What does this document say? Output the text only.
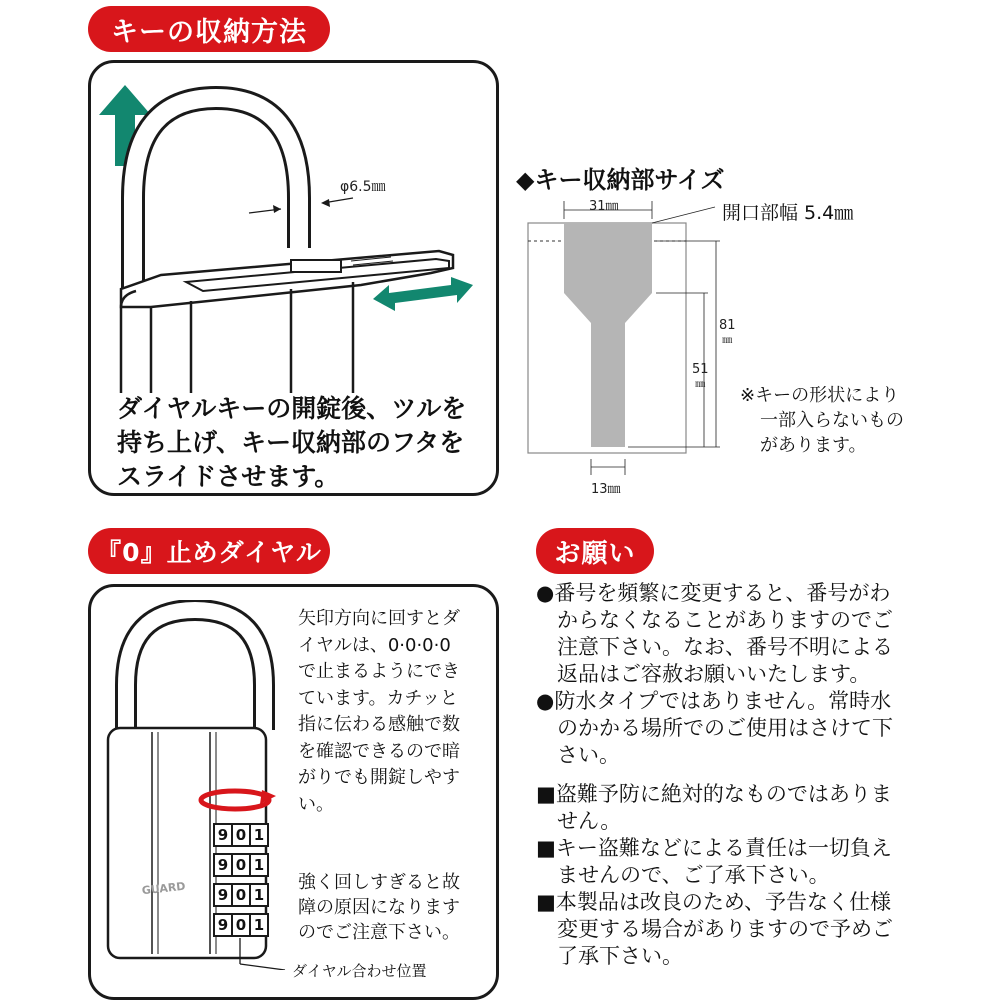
キーの収納方法
φ6.5㎜
ダイヤルキーの開錠後、ツルを
持ち上げ、キー収納部のフタを
スライドさせます。
◆キー収納部サイズ
31㎜	開口部幅 5.4㎜
81
㎜
51
㎜
13㎜
※キーの形状により
一部入らないもの
があります。
『0』止めダイヤル
GUARD
9 0 1
9 0 1
9 0 1
9 0 1
矢印方向に回すとダ
イヤルは、0·0·0·0
で止まるようにでき
ています。カチッと
指に伝わる感触で数
を確認できるので暗
がりでも開錠しやす
い。
強く回しすぎると故
障の原因になります
のでご注意下さい。
ダイヤル合わせ位置
お願い
●番号を頻繁に変更すると、番号がわ
　からなくなることがありますのでご
　注意下さい。なお、番号不明による
　返品はご容赦お願いいたします。
●防水タイプではありません。常時水
　のかかる場所でのご使用はさけて下
　さい。
■盗難予防に絶対的なものではありま
　せん。
■キー盗難などによる責任は一切負え
　ませんので、ご了承下さい。
■本製品は改良のため、予告なく仕様
　変更する場合がありますので予めご
　了承下さい。
